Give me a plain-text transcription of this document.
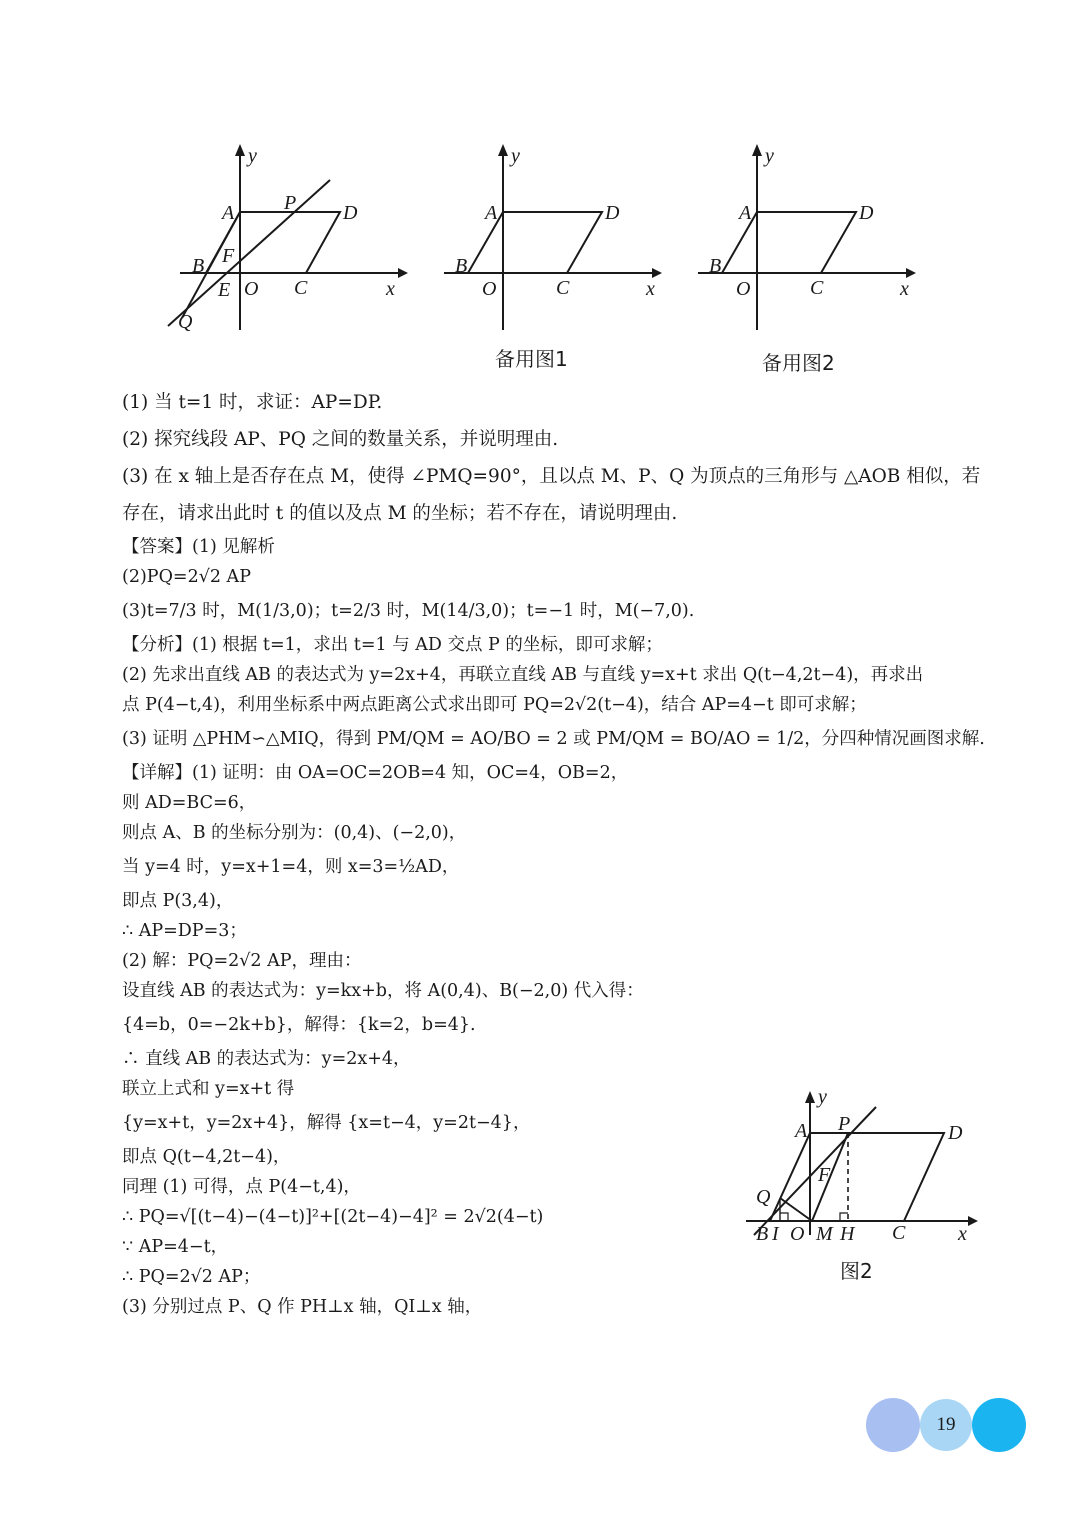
y
A P D
B F
E O C	x
Q
y
A	D
B
O	C	x
备用图1
y
A	D
B
O	C	x
备用图2
(1) 当 t=1 时，求证：AP=DP.
(2) 探究线段 AP、PQ 之间的数量关系，并说明理由.
(3) 在 x 轴上是否存在点 M，使得 ∠PMQ=90°，且以点 M、P、Q 为顶点的三角形与 △AOB 相似，若
存在，请求出此时 t 的值以及点 M 的坐标；若不存在，请说明理由.
【答案】(1) 见解析
(2)PQ=2√2 AP
(3)t=7/3 时，M(1/3,0)；t=2/3 时，M(14/3,0)；t=−1 时，M(−7,0).
【分析】(1) 根据 t=1，求出 t=1 与 AD 交点 P 的坐标，即可求解；
(2) 先求出直线 AB 的表达式为 y=2x+4，再联立直线 AB 与直线 y=x+t 求出 Q(t−4,2t−4)，再求出
点 P(4−t,4)，利用坐标系中两点距离公式求出即可 PQ=2√2(t−4)，结合 AP=4−t 即可求解；
(3) 证明 △PHM∽△MIQ，得到 PM/QM = AO/BO = 2 或 PM/QM = BO/AO = 1/2，分四种情况画图求解.
【详解】(1) 证明：由 OA=OC=2OB=4 知，OC=4，OB=2，
则 AD=BC=6，
则点 A、B 的坐标分别为：(0,4)、(−2,0)，
当 y=4 时，y=x+1=4，则 x=3=½AD，
即点 P(3,4)，
∴ AP=DP=3；
(2) 解：PQ=2√2 AP，理由：
设直线 AB 的表达式为：y=kx+b，将 A(0,4)、B(−2,0) 代入得：
{4=b，0=−2k+b}，解得：{k=2，b=4}.
∴ 直线 AB 的表达式为：y=2x+4，
联立上式和 y=x+t 得
{y=x+t，y=2x+4}，解得 {x=t−4，y=2t−4}，
即点 Q(t−4,2t−4)，
同理 (1) 可得，点 P(4−t,4)，
∴ PQ=√[(t−4)−(4−t)]²+[(2t−4)−4]² = 2√2(4−t)
∵ AP=4−t，
∴ PQ=2√2 AP；
(3) 分别过点 P、Q 作 PH⊥x 轴，QI⊥x 轴，
y
A P	D
F
Q
B I O M H C	x
图2
19
